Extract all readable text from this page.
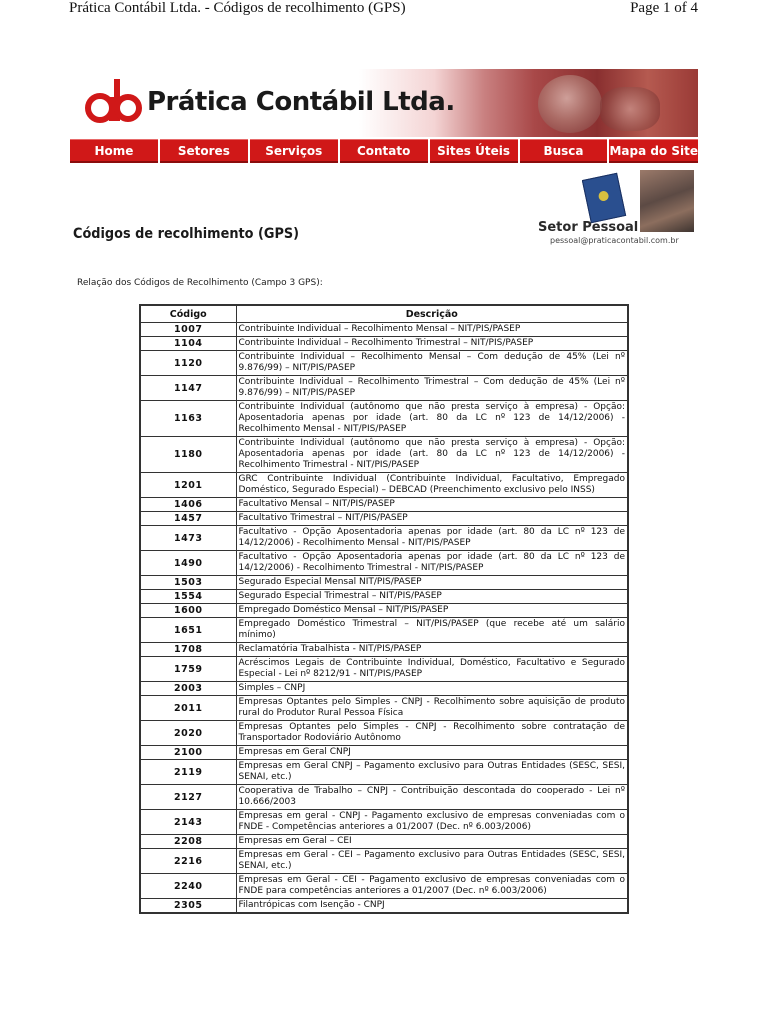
Prática Contábil Ltda. - Códigos de recolhimento (GPS)	Page 1 of 4
Prática Contábil Ltda.
Home	Setores	Serviços	Contato	Sites Úteis	Busca	Mapa do Site
Códigos de recolhimento (GPS)	Setor Pessoal
pessoal@praticacontabil.com.br
Relação dos Códigos de Recolhimento (Campo 3 GPS):
Código	Descrição
1007	Contribuinte Individual – Recolhimento Mensal – NIT/PIS/PASEP
1104	Contribuinte Individual – Recolhimento Trimestral – NIT/PIS/PASEP
1120	Contribuinte Individual – Recolhimento Mensal – Com dedução de 45% (Lei nº 9.876/99) – NIT/PIS/PASEP
1147	Contribuinte Individual – Recolhimento Trimestral – Com dedução de 45% (Lei nº 9.876/99) – NIT/PIS/PASEP
1163	Contribuinte Individual (autônomo que não presta serviço à empresa) - Opção: Aposentadoria apenas por idade (art. 80 da LC nº 123 de 14/12/2006) - Recolhimento Mensal - NIT/PIS/PASEP
1180	Contribuinte Individual (autônomo que não presta serviço à empresa) - Opção: Aposentadoria apenas por idade (art. 80 da LC nº 123 de 14/12/2006) - Recolhimento Trimestral - NIT/PIS/PASEP
1201	GRC Contribuinte Individual (Contribuinte Individual, Facultativo, Empregado Doméstico, Segurado Especial) – DEBCAD (Preenchimento exclusivo pelo INSS)
1406	Facultativo Mensal – NIT/PIS/PASEP
1457	Facultativo Trimestral – NIT/PIS/PASEP
1473	Facultativo - Opção Aposentadoria apenas por idade (art. 80 da LC nº 123 de 14/12/2006) - Recolhimento Mensal - NIT/PIS/PASEP
1490	Facultativo - Opção Aposentadoria apenas por idade (art. 80 da LC nº 123 de 14/12/2006) - Recolhimento Trimestral - NIT/PIS/PASEP
1503	Segurado Especial Mensal NIT/PIS/PASEP
1554	Segurado Especial Trimestral – NIT/PIS/PASEP
1600	Empregado Doméstico Mensal – NIT/PIS/PASEP
1651	Empregado Doméstico Trimestral – NIT/PIS/PASEP (que recebe até um salário mínimo)
1708	Reclamatória Trabalhista - NIT/PIS/PASEP
1759	Acréscimos Legais de Contribuinte Individual, Doméstico, Facultativo e Segurado Especial - Lei nº 8212/91 - NIT/PIS/PASEP
2003	Simples – CNPJ
2011	Empresas Optantes pelo Simples - CNPJ - Recolhimento sobre aquisição de produto rural do Produtor Rural Pessoa Física
2020	Empresas Optantes pelo Simples - CNPJ - Recolhimento sobre contratação de Transportador Rodoviário Autônomo
2100	Empresas em Geral CNPJ
2119	Empresas em Geral CNPJ – Pagamento exclusivo para Outras Entidades (SESC, SESI, SENAI, etc.)
2127	Cooperativa de Trabalho – CNPJ - Contribuição descontada do cooperado - Lei nº 10.666/2003
2143	Empresas em geral - CNPJ - Pagamento exclusivo de empresas conveniadas com o FNDE - Competências anteriores a 01/2007 (Dec. nº 6.003/2006)
2208	Empresas em Geral – CEI
2216	Empresas em Geral - CEI – Pagamento exclusivo para Outras Entidades (SESC, SESI, SENAI, etc.)
2240	Empresas em Geral - CEI - Pagamento exclusivo de empresas conveniadas com o FNDE para competências anteriores a 01/2007 (Dec. nº 6.003/2006)
2305	Filantrópicas com Isenção - CNPJ
